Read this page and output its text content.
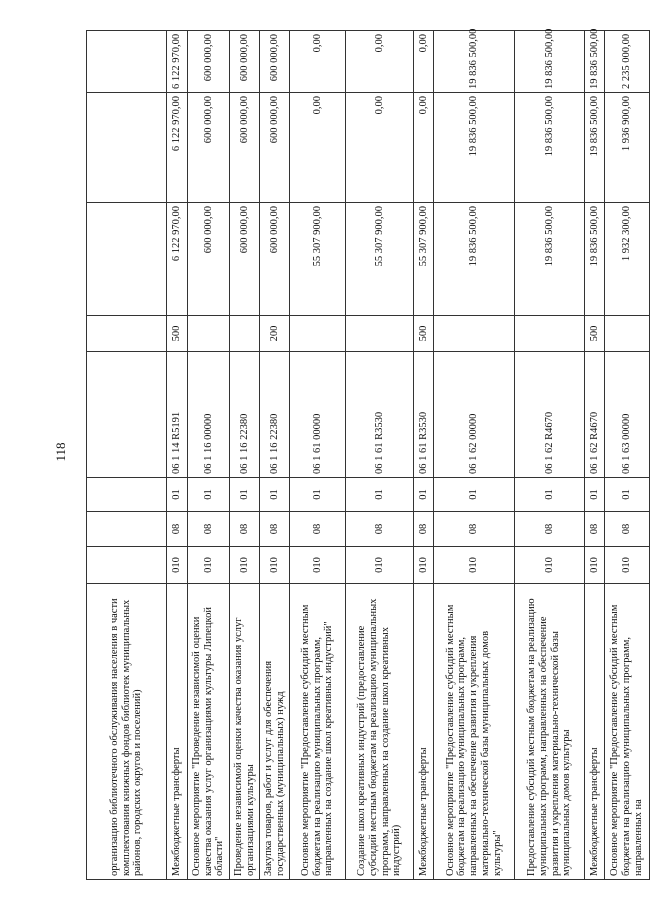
118
организацию библиотечного обслуживания населения в части комплектования книжных фондов библиотек муниципальных районов, городских округов и поселений)								
Межбюджетные трансферты	010	08	01	06 1 14 R5191	500	6 122 970,00	6 122 970,00	6 122 970,00
Основное мероприятие "Проведение независимой оценки качества оказания услуг организациями культуры Липецкой области"	010	08	01	06 1 16 00000		600 000,00	600 000,00	600 000,00
Проведение независимой оценки качества оказания услуг организациями культуры	010	08	01	06 1 16 22380		600 000,00	600 000,00	600 000,00
Закупка товаров, работ и услуг для обеспечения государственных (муниципальных) нужд	010	08	01	06 1 16 22380	200	600 000,00	600 000,00	600 000,00
Основное мероприятие "Предоставление субсидий местным бюджетам на реализацию муниципальных программ, направленных на создание школ креативных индустрий"	010	08	01	06 1 61 00000		55 307 900,00	0,00	0,00
Создание школ креативных индустрий (предоставление субсидий местным бюджетам на реализацию муниципальных программ, направленных на создание школ креативных индустрий)	010	08	01	06 1 61 R3530		55 307 900,00	0,00	0,00
Межбюджетные трансферты	010	08	01	06 1 61 R3530	500	55 307 900,00	0,00	0,00
Основное мероприятие "Предоставление субсидий местным бюджетам на реализацию муниципальных программ, направленных на обеспечение развития и укрепления материально-технической базы муниципальных домов культуры"	010	08	01	06 1 62 00000		19 836 500,00	19 836 500,00	19 836 500,00
Предоставление субсидий местным бюджетам на реализацию муниципальных программ, направленных на обеспечение развития и укрепления материально-технической базы муниципальных домов культуры	010	08	01	06 1 62 R4670		19 836 500,00	19 836 500,00	19 836 500,00
Межбюджетные трансферты	010	08	01	06 1 62 R4670	500	19 836 500,00	19 836 500,00	19 836 500,00
Основное мероприятие "Предоставление субсидий местным бюджетам на реализацию муниципальных программ, направленных на	010	08	01	06 1 63 00000		1 932 300,00	1 936 900,00	2 235 000,00
